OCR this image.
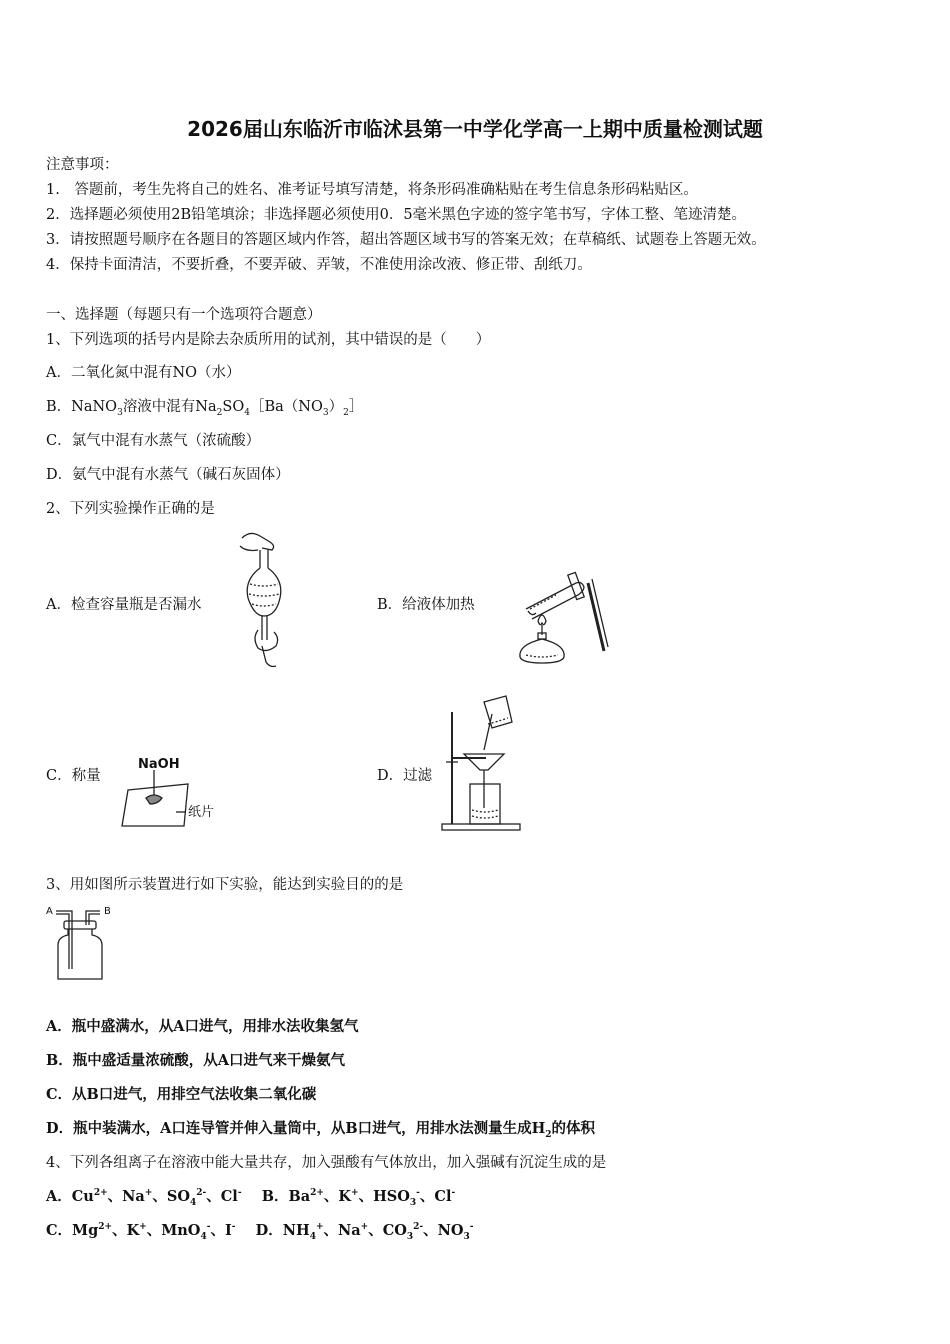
2026届山东临沂市临沭县第一中学化学高一上期中质量检测试题
注意事项：
1.　答题前，考生先将自己的姓名、准考证号填写清楚，将条形码准确粘贴在考生信息条形码粘贴区。
2．选择题必须使用2B铅笔填涂；非选择题必须使用0．5毫米黑色字迹的签字笔书写，字体工整、笔迹清楚。
3．请按照题号顺序在各题目的答题区域内作答，超出答题区域书写的答案无效；在草稿纸、试题卷上答题无效。
4．保持卡面清洁，不要折叠，不要弄破、弄皱，不准使用涂改液、修正带、刮纸刀。
一、选择题（每题只有一个选项符合题意）
1、下列选项的括号内是除去杂质所用的试剂，其中错误的是（　　）
A．二氧化氮中混有NO（水）
B．NaNO$_3$溶液中混有$Na_2SO_4[Ba(NO_3)_2]$
C．氯气中混有水蒸气（浓硫酸）
D．氨气中混有水蒸气（碱石灰固体）
2、下列实验操作正确的是
A．检查容量瓶是否漏水	B．给液体加热
C．称量	D．过滤
NaOH
纸片
3、用如图所示装置进行如下实验，能达到实验目的的是
A	B
A．瓶中盛满水，从A口进气，用排水法收集氢气
B．瓶中盛适量浓硫酸，从A口进气来干燥氨气
C．从B口进气，用排空气法收集二氧化碳
D．瓶中装满水，A口连导管并伸入量筒中，从B口进气，用排水法测量生成$H_2$的体积
4、下列各组离子在溶液中能大量共存，加入强酸有气体放出，加入强碱有沉淀生成的是
A．$Cu^{2+}$、Na+、$SO_4^{2-}$、Cl- B．$Ba^{2+}$、K+、$HSO_3^-$、Cl-
C．$Mg^{2+}$、K+、MnO$_4$-、I- D．$NH_4^+$、Na+、$CO_3^{2-}$、$NO_3^-$
